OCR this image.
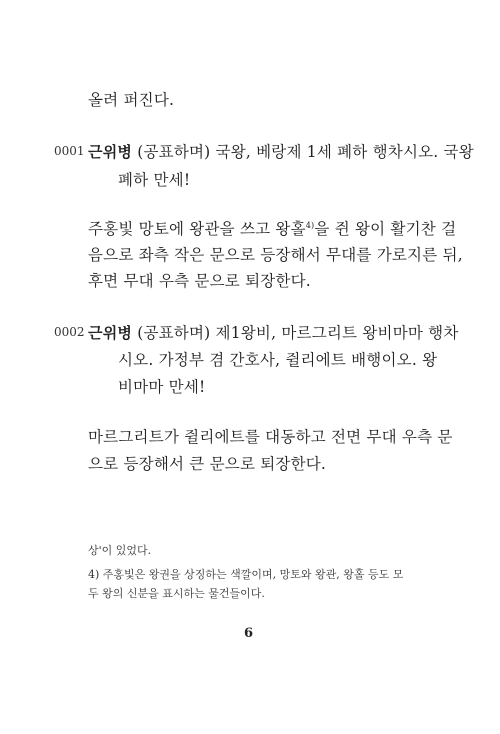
올려 퍼진다.
0001 근위병 (공표하며) 국왕, 베랑제 1세 폐하 행차시오. 국왕
폐하 만세!
주홍빛 망토에 왕관을 쓰고 왕홀$^{4)}$을 쥔 왕이 활기찬 걸
음으로 좌측 작은 문으로 등장해서 무대를 가로지른 뒤,
후면 무대 우측 문으로 퇴장한다.
0002 근위병 (공표하며) 제1왕비, 마르그리트 왕비마마 행차
시오. 가정부 겸 간호사, 쥘리에트 배행이오. 왕
비마마 만세!
마르그리트가 쥘리에트를 대동하고 전면 무대 우측 문
으로 등장해서 큰 문으로 퇴장한다.
상'이 있었다.
4) 주홍빛은 왕권을 상징하는 색깔이며, 망토와 왕관, 왕홀 등도 모
두 왕의 신분을 표시하는 물건들이다.
6
